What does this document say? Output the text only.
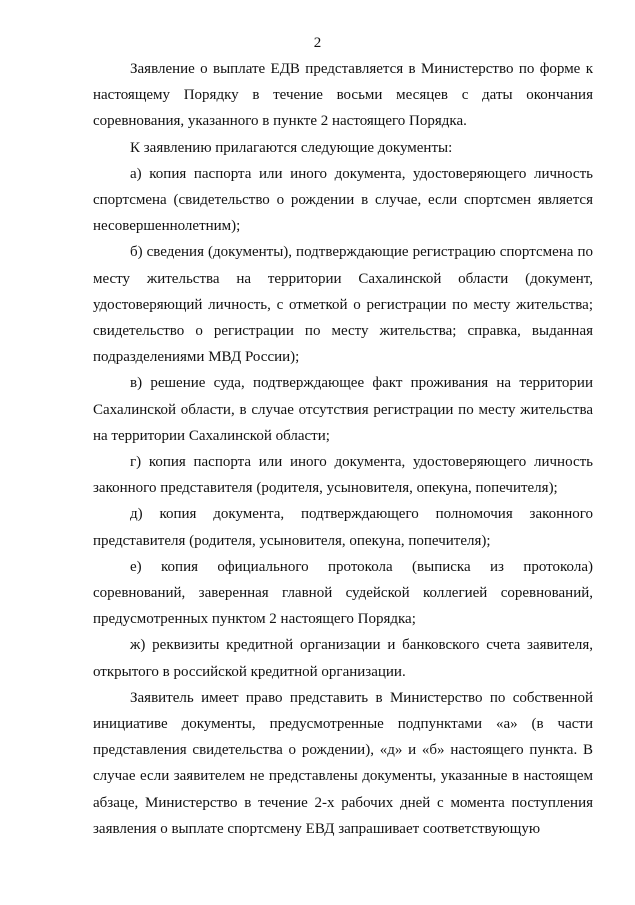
2

Заявление о выплате ЕДВ представляется в Министерство по форме к настоящему Порядку в течение восьми месяцев с даты окончания соревнования, указанного в пункте 2 настоящего Порядка.

К заявлению прилагаются следующие документы:

а) копия паспорта или иного документа, удостоверяющего личность спортсмена (свидетельство о рождении в случае, если спортсмен является несовершеннолетним);

б) сведения (документы), подтверждающие регистрацию спортсмена по месту жительства на территории Сахалинской области (документ, удостоверяющий личность, с отметкой о регистрации по месту жительства; свидетельство о регистрации по месту жительства; справка, выданная подразделениями МВД России);

в) решение суда, подтверждающее факт проживания на территории Сахалинской области, в случае отсутствия регистрации по месту жительства на территории Сахалинской области;

г) копия паспорта или иного документа, удостоверяющего личность законного представителя (родителя, усыновителя, опекуна, попечителя);

д) копия документа, подтверждающего полномочия законного представителя (родителя, усыновителя, опекуна, попечителя);

е) копия официального протокола (выписка из протокола) соревнований, заверенная главной судейской коллегией соревнований, предусмотренных пунктом 2 настоящего Порядка;

ж) реквизиты кредитной организации и банковского счета заявителя, открытого в российской кредитной организации.

Заявитель имеет право представить в Министерство по собственной инициативе документы, предусмотренные подпунктами «а» (в части представления свидетельства о рождении), «д» и «б» настоящего пункта. В случае если заявителем не представлены документы, указанные в настоящем абзаце, Министерство в течение 2-х рабочих дней с момента поступления заявления о выплате спортсмену ЕВД запрашивает соответствующую
